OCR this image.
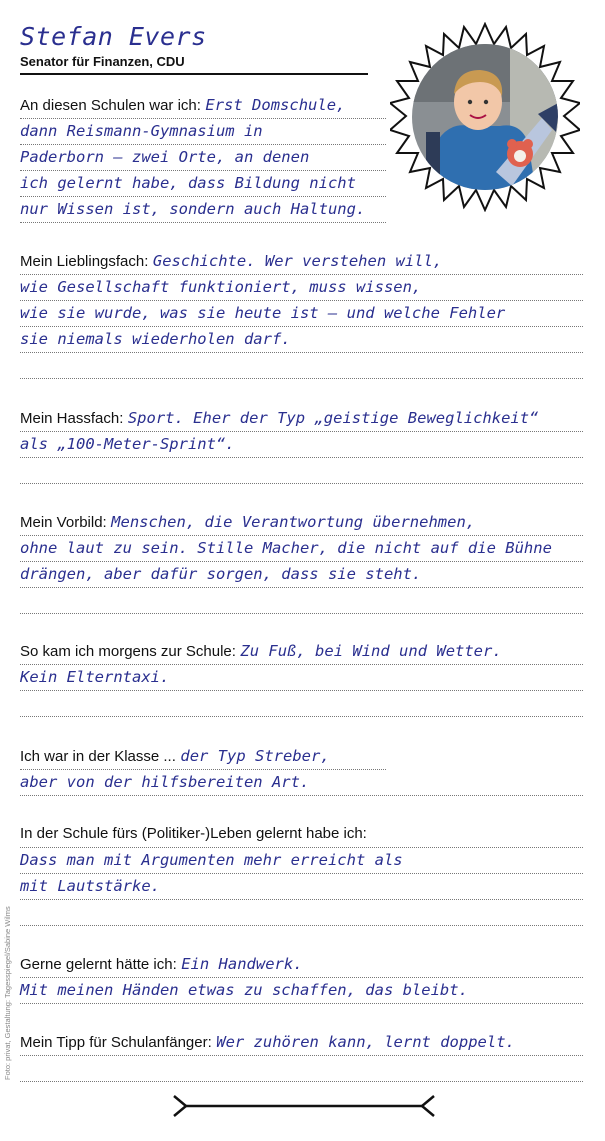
Stefan Evers
Senator für Finanzen, CDU
An diesen Schulen war ich: Erst Domschule,
dann Reismann-Gymnasium in
Paderborn – zwei Orte, an denen
ich gelernt habe, dass Bildung nicht
nur Wissen ist, sondern auch Haltung.
Mein Lieblingsfach: Geschichte. Wer verstehen will,
wie Gesellschaft funktioniert, muss wissen,
wie sie wurde, was sie heute ist – und welche Fehler
sie niemals wiederholen darf.
Mein Hassfach: Sport. Eher der Typ „geistige Beweglichkeit“
als „100-Meter-Sprint“.
Mein Vorbild: Menschen, die Verantwortung übernehmen,
ohne laut zu sein. Stille Macher, die nicht auf die Bühne
drängen, aber dafür sorgen, dass sie steht.
So kam ich morgens zur Schule: Zu Fuß, bei Wind und Wetter.
Kein Elterntaxi.
Ich war in der Klasse ... der Typ Streber,
aber von der hilfsbereiten Art.
In der Schule fürs (Politiker-)Leben gelernt habe ich:
Dass man mit Argumenten mehr erreicht als
mit Lautstärke.
Gerne gelernt hätte ich: Ein Handwerk.
Mit meinen Händen etwas zu schaffen, das bleibt.
Mein Tipp für Schulanfänger: Wer zuhören kann, lernt doppelt.
Foto: privat, Gestaltung: Tagesspiegel/Sabine Wilms
